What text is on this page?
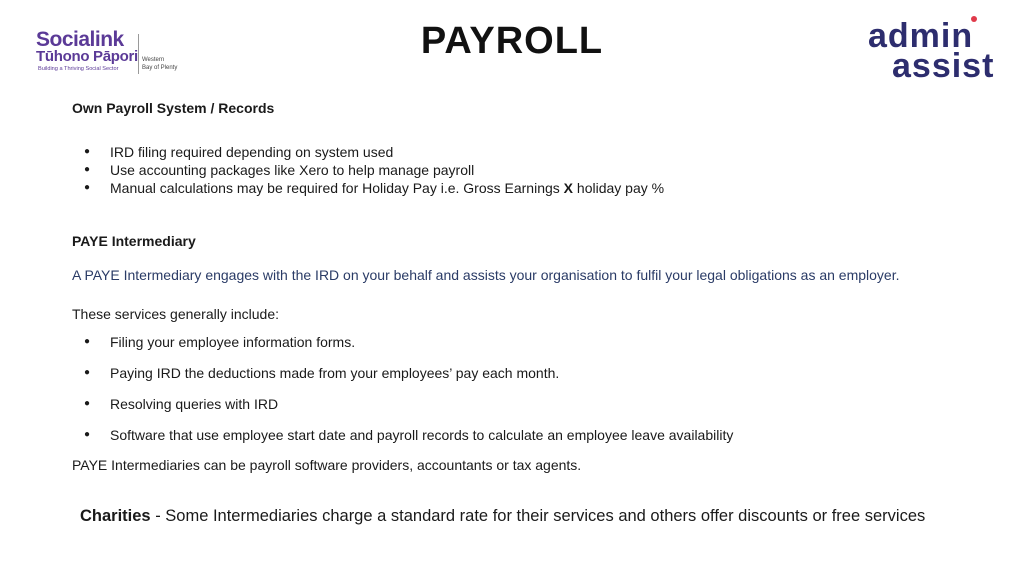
Socialink
Tūhono Pāpori
Building a Thriving Social Sector
Western
Bay of Plenty
PAYROLL	admin
assist

Own Payroll System / Records

● IRD filing required depending on system used
● Use accounting packages like Xero to help manage payroll
● Manual calculations may be required for Holiday Pay i.e. Gross Earnings X holiday pay %

PAYE Intermediary

A PAYE Intermediary engages with the IRD on your behalf and assists your organisation to fulfil your legal obligations as an employer.

These services generally include:

● Filing your employee information forms.
● Paying IRD the deductions made from your employees’ pay each month.
● Resolving queries with IRD
● Software that use employee start date and payroll records to calculate an employee leave availability

PAYE Intermediaries can be payroll software providers, accountants or tax agents.

Charities - Some Intermediaries charge a standard rate for their services and others offer discounts or free services
